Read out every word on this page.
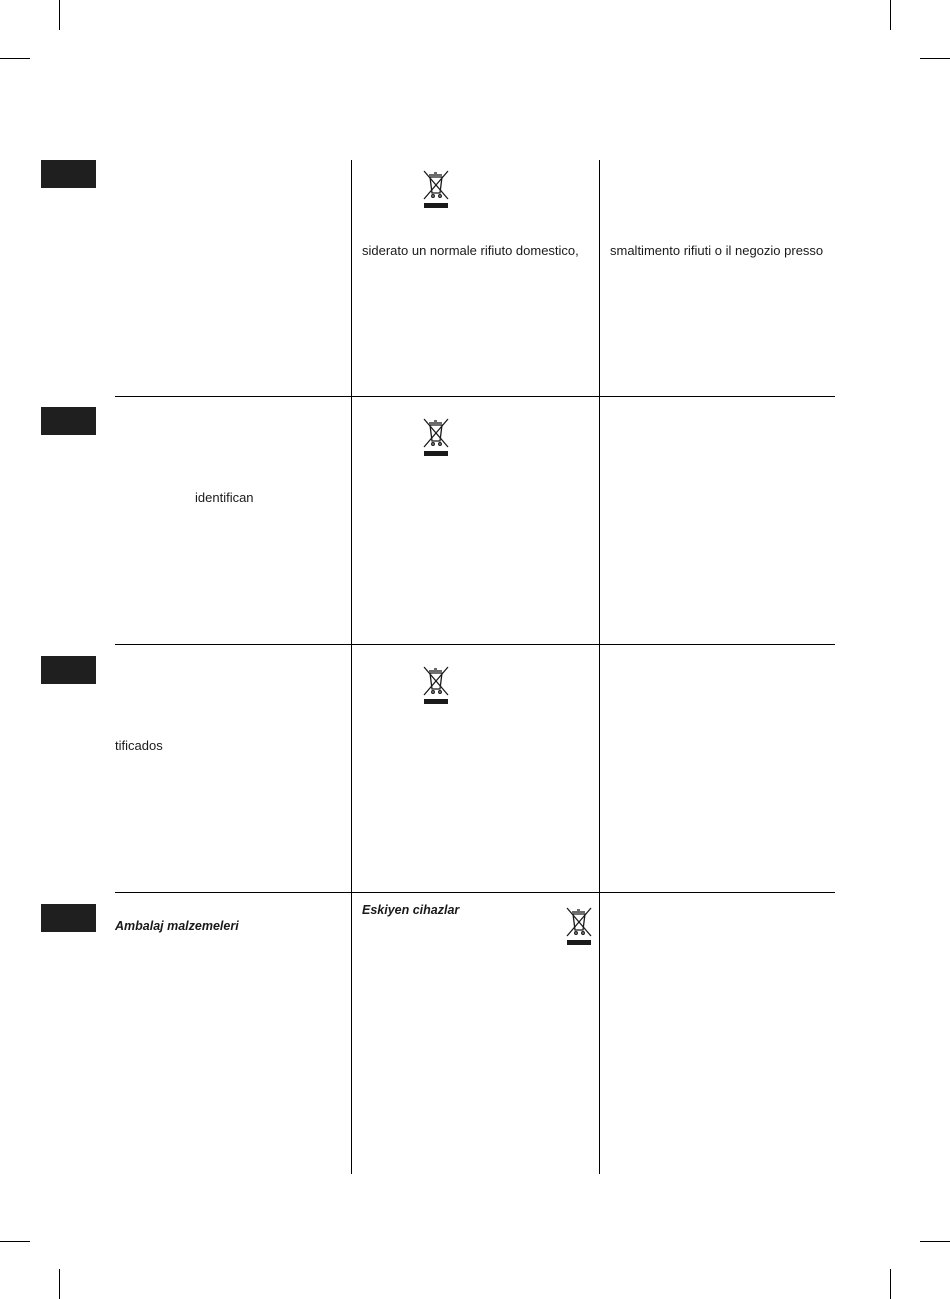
siderato un normale rifiuto domestico, smaltimento rifiuti o il negozio presso
identifican
tificados
Ambalaj malzemeleri
Eskiyen cihazlar
